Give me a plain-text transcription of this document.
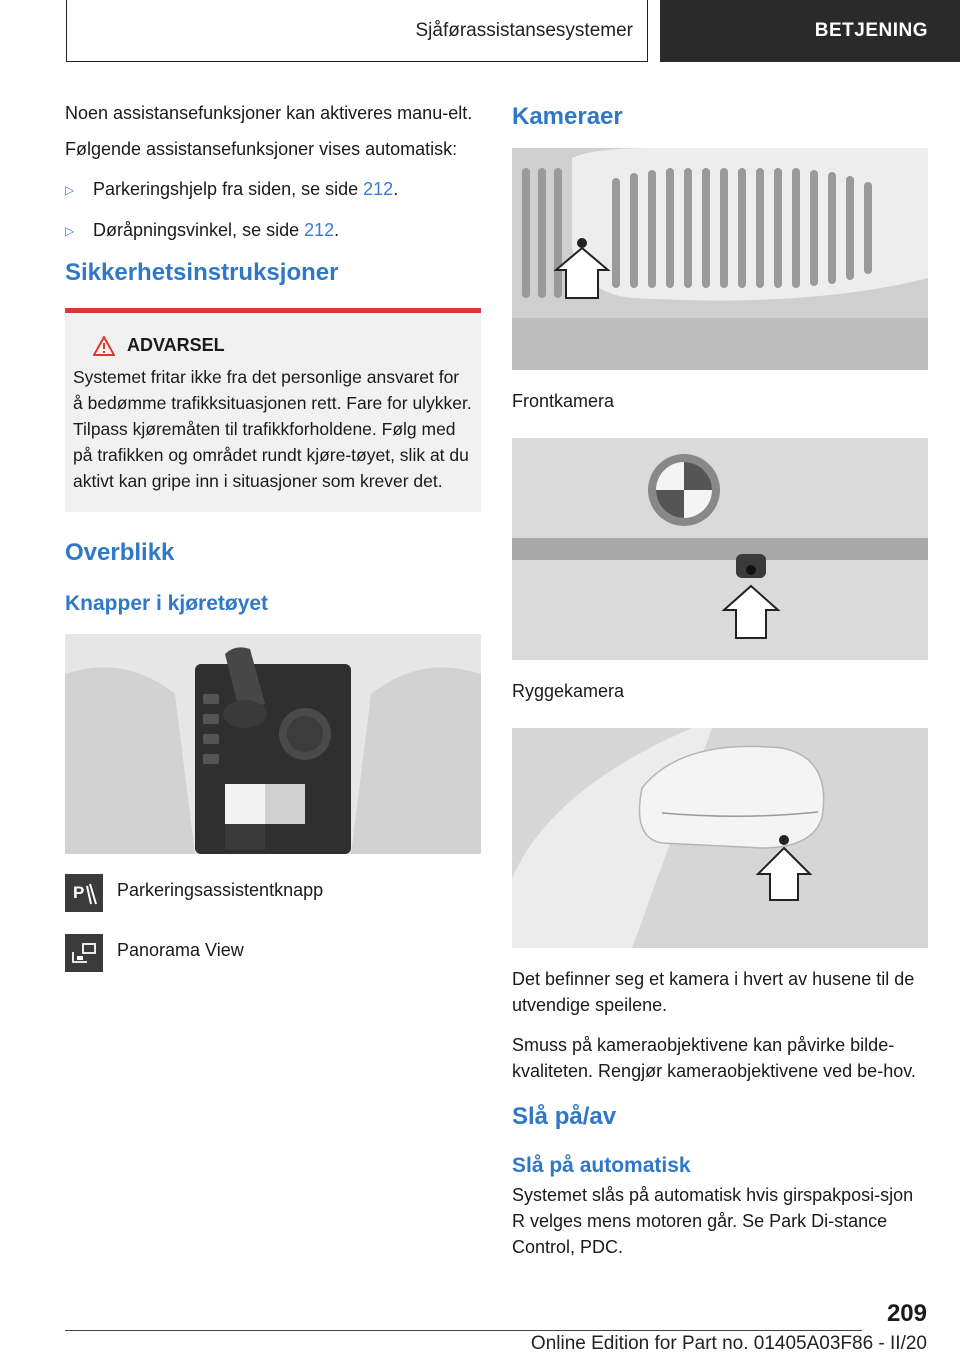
Sjåførassistansesystemer	BETJENING

Noen assistansefunksjoner kan aktiveres manu-elt.

Følgende assistansefunksjoner vises automatisk:

▷	Parkeringshjelp fra siden, se side 212.
▷	Døråpningsvinkel, se side 212.
Sikkerhetsinstruksjoner
ADVARSEL

Systemet fritar ikke fra det personlige ansvaret for å bedømme trafikksituasjonen rett. Fare for ulykker. Tilpass kjøremåten til trafikkforholdene. Følg med på trafikken og området rundt kjøre-tøyet, slik at du aktivt kan gripe inn i situasjoner som krever det.

Overblikk
Knapper i kjøretøyet
P Parkeringsassistentknapp
Panorama View
Kameraer

Frontkamera

Ryggekamera

Det befinner seg et kamera i hvert av husene til de utvendige speilene.

Smuss på kameraobjektivene kan påvirke bilde-kvaliteten. Rengjør kameraobjektivene ved be-hov.

Slå på/av
Slå på automatisk

Systemet slås på automatisk hvis girspakposi-sjon R velges mens motoren går. Se Park Di-stance Control, PDC.

209
Online Edition for Part no. 01405A03F86 - II/20
